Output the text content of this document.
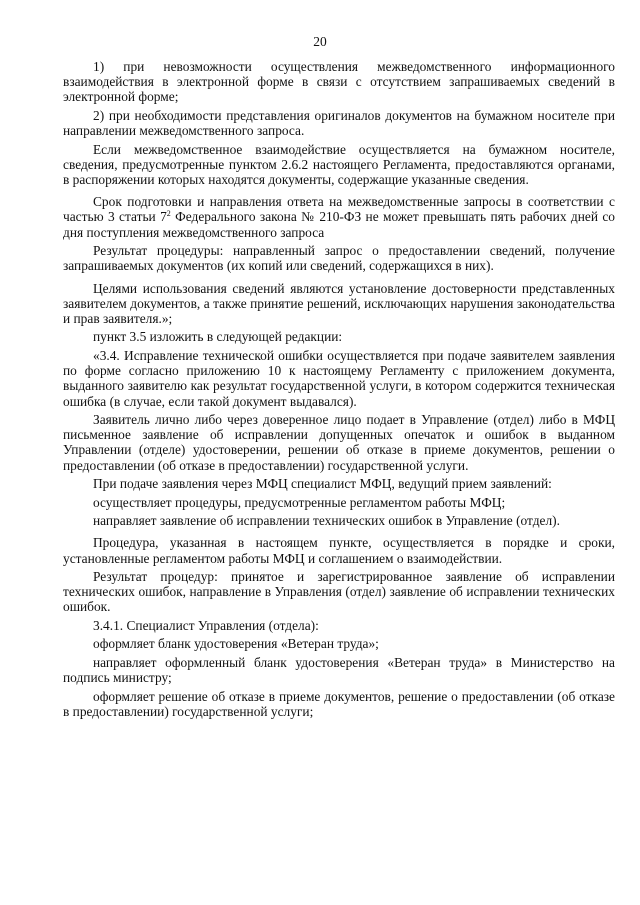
20

1) при невозможности осуществления межведомственного информационного взаимодействия в электронной форме в связи с отсутствием запрашиваемых сведений в электронной форме;

2) при необходимости представления оригиналов документов на бумажном носителе при направлении межведомственного запроса.

Если межведомственное взаимодействие осуществляется на бумажном носителе, сведения, предусмотренные пунктом 2.6.2 настоящего Регламента, предоставляются органами, в распоряжении которых находятся документы, содержащие указанные сведения.

Срок подготовки и направления ответа на межведомственные запросы в соответствии с частью 3 статьи $7^2$ Федерального закона № 210-ФЗ не может превышать пять рабочих дней со дня поступления межведомственного запроса

Результат процедуры: направленный запрос о предоставлении сведений, получение запрашиваемых документов (их копий или сведений, содержащихся в них).

Целями использования сведений являются установление достоверности представленных заявителем документов, а также принятие решений, исключающих нарушения законодательства и прав заявителя.»;

пункт 3.5 изложить в следующей редакции:

«3.4. Исправление технической ошибки осуществляется при подаче заявителем заявления по форме согласно приложению 10 к настоящему Регламенту с приложением документа, выданного заявителю как результат государственной услуги, в котором содержится техническая ошибка (в случае, если такой документ выдавался).

Заявитель лично либо через доверенное лицо подает в Управление (отдел) либо в МФЦ письменное заявление об исправлении допущенных опечаток и ошибок в выданном Управлении (отделе) удостоверении, решении об отказе в приеме документов, решении о предоставлении (об отказе в предоставлении) государственной услуги.

При подаче заявления через МФЦ специалист МФЦ, ведущий прием заявлений:

осуществляет процедуры, предусмотренные регламентом работы МФЦ;

направляет заявление об исправлении технических ошибок в Управление (отдел).

Процедура, указанная в настоящем пункте, осуществляется в порядке и сроки, установленные регламентом работы МФЦ и соглашением о взаимодействии.

Результат процедур: принятое и зарегистрированное заявление об исправлении технических ошибок, направление в Управления (отдел) заявление об исправлении технических ошибок.

3.4.1. Специалист Управления (отдела):

оформляет бланк удостоверения «Ветеран труда»;

направляет оформленный бланк удостоверения «Ветеран труда» в Министерство на подпись министру;

оформляет решение об отказе в приеме документов, решение о предоставлении (об отказе в предоставлении) государственной услуги;
